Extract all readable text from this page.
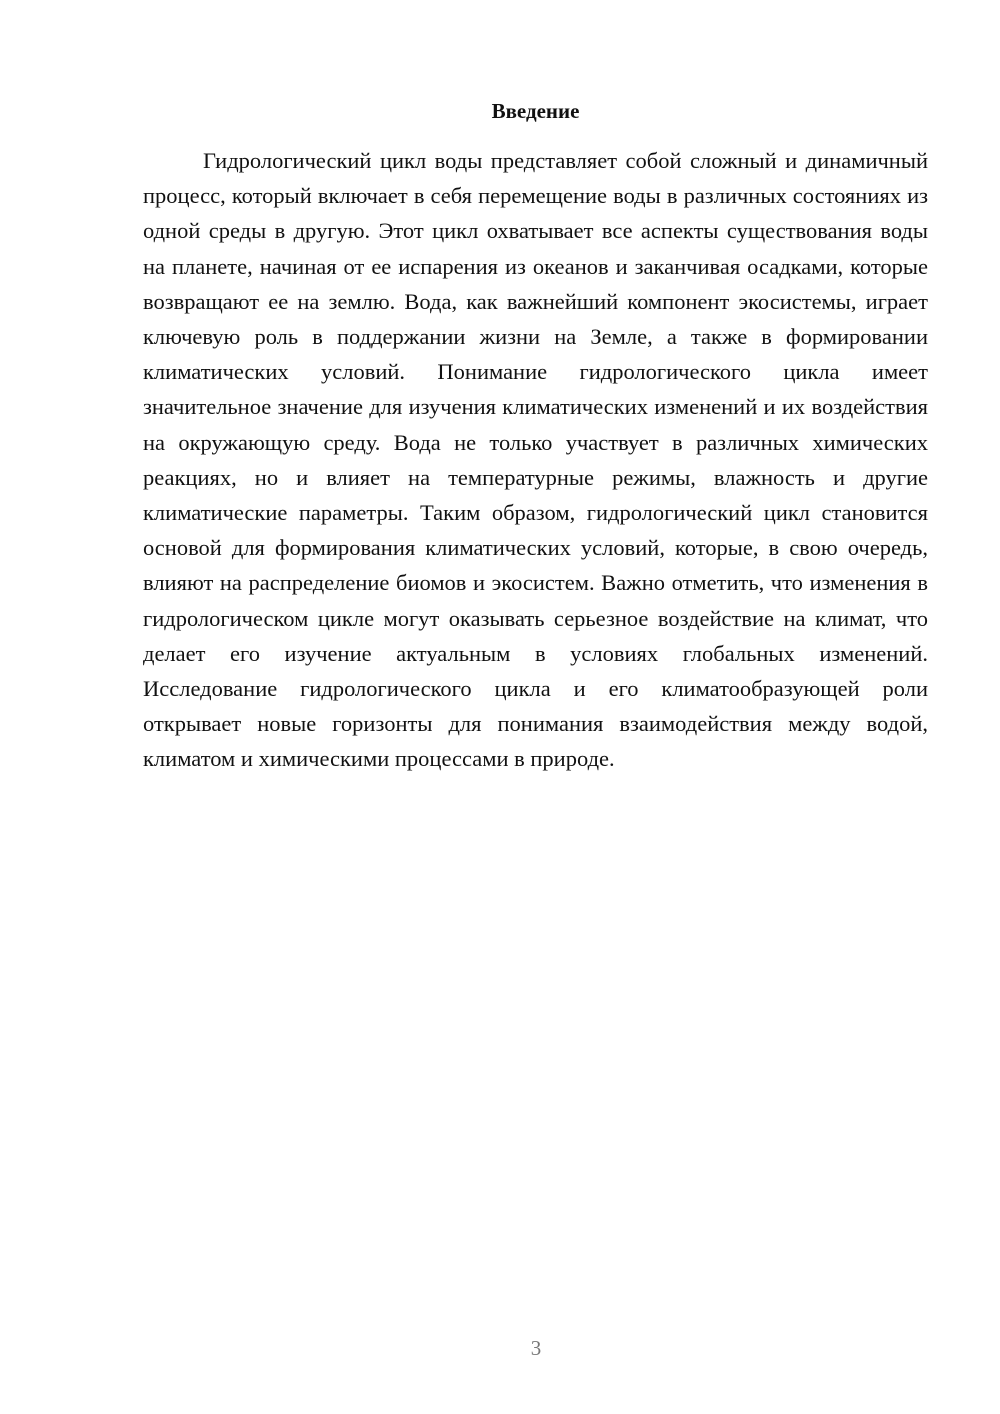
Введение

Гидрологический цикл воды представляет собой сложный и динамичный процесс, который включает в себя перемещение воды в различных состояниях из одной среды в другую. Этот цикл охватывает все аспекты существования воды на планете, начиная от ее испарения из океанов и заканчивая осадками, которые возвращают ее на землю. Вода, как важнейший компонент экосистемы, играет ключевую роль в поддержании жизни на Земле, а также в формировании климатических условий. Понимание гидрологического цикла имеет значительное значение для изучения климатических изменений и их воздействия на окружающую среду. Вода не только участвует в различных химических реакциях, но и влияет на температурные режимы, влажность и другие климатические параметры. Таким образом, гидрологический цикл становится основой для формирования климатических условий, которые, в свою очередь, влияют на распределение биомов и экосистем. Важно отметить, что изменения в гидрологическом цикле могут оказывать серьезное воздействие на климат, что делает его изучение актуальным в условиях глобальных изменений. Исследование гидрологического цикла и его климатообразующей роли открывает новые горизонты для понимания взаимодействия между водой, климатом и химическими процессами в природе.

3
